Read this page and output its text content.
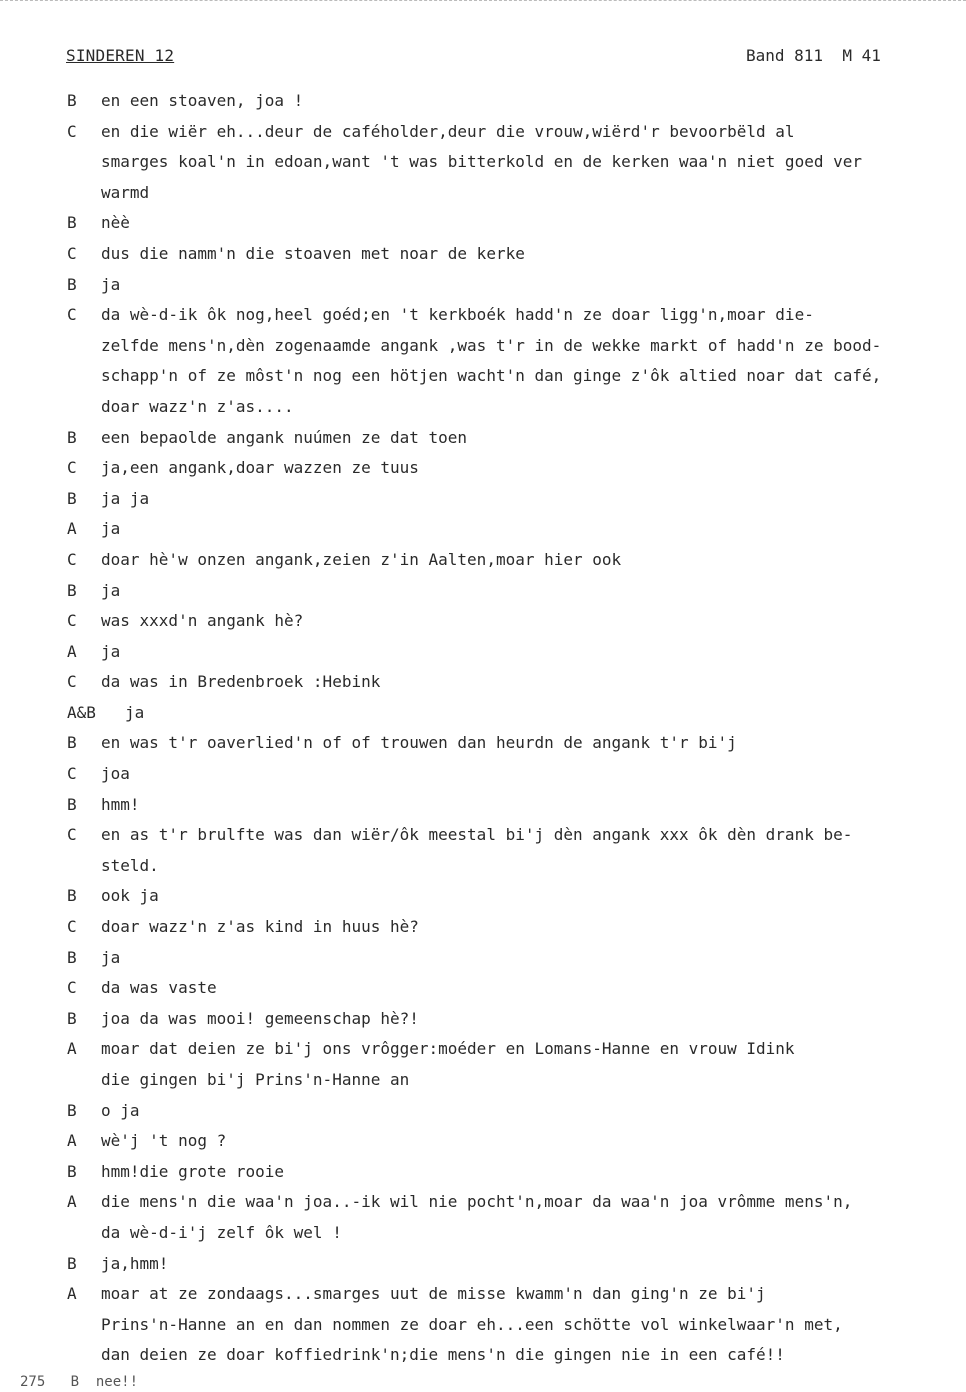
SINDEREN 12	Band 811  M 41
B	en een stoaven, joa !
C	en die wiër eh...deur de caféholder,deur die vrouw,wiërd'r bevoorbëld al
smarges koal'n in edoan,want 't was bitterkold en de kerken waa'n niet goed ver
warmd
B	nèè
C	dus die namm'n die stoaven met noar de kerke
B	ja
C	da wè-d-ik ôk nog,heel goéd;en 't kerkboék hadd'n ze doar ligg'n,moar die-
zelfde mens'n,dèn zogenaamde angank ,was t'r in de wekke markt of hadd'n ze bood-
schapp'n of ze môst'n nog een hötjen wacht'n dan ginge z'ôk altied noar dat café,
doar wazz'n z'as....
B	een bepaolde angank nuúmen ze dat toen
C	ja,een angank,doar wazzen ze tuus
B	ja ja
A	ja
C	doar hè'w onzen angank,zeien z'in Aalten,moar hier ook
B	ja
C	was xxxd'n angank hè?
A	ja
C	da was in Bredenbroek :Hebink
A&B	ja
B	en was t'r oaverlied'n of of trouwen dan heurdn de angank t'r bi'j
C	joa
B	hmm!
C	en as t'r brulfte was dan wiër/ôk meestal bi'j dèn angank xxx ôk dèn drank be-
steld.
B	ook ja
C	doar wazz'n z'as kind in huus hè?
B	ja
C	da was vaste
B	joa da was mooi! gemeenschap hè?!
A	moar dat deien ze bi'j ons vrôgger:moéder en Lomans-Hanne en vrouw Idink
die gingen bi'j Prins'n-Hanne an
B	o ja
A	wè'j 't nog ?
B	hmm!die grote rooie
A	die mens'n die waa'n joa..-ik wil nie pocht'n,moar da waa'n joa vrômme mens'n,
da wè-d-i'j zelf ôk wel !
B	ja,hmm!
A	moar at ze zondaags...smarges uut de misse kwamm'n dan ging'n ze bi'j
Prins'n-Hanne an en dan nommen ze doar eh...een schötte vol winkelwaar'n met,
dan deien ze doar koffiedrink'n;die mens'n die gingen nie in een café!!
275   B  nee!!
